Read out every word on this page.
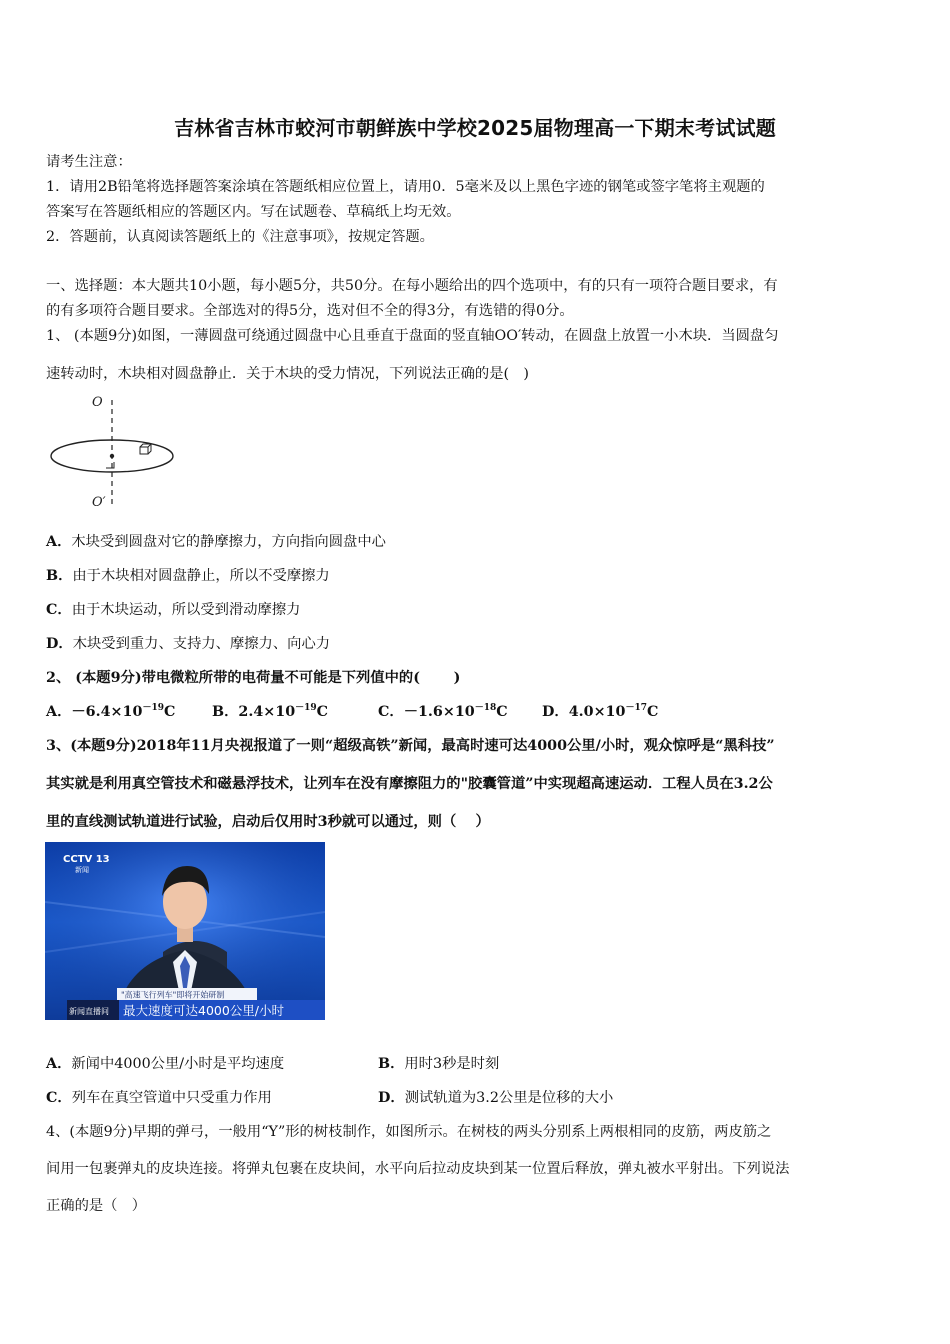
吉林省吉林市蛟河市朝鲜族中学校2025届物理高一下期末考试试题
请考生注意：
1．请用2B铅笔将选择题答案涂填在答题纸相应位置上，请用0．5毫米及以上黑色字迹的钢笔或签字笔将主观题的
答案写在答题纸相应的答题区内。写在试题卷、草稿纸上均无效。
2．答题前，认真阅读答题纸上的《注意事项》，按规定答题。
一、选择题：本大题共10小题，每小题5分，共50分。在每小题给出的四个选项中，有的只有一项符合题目要求，有
的有多项符合题目要求。全部选对的得5分，选对但不全的得3分，有选错的得0分。
1、 (本题9分)如图，一薄圆盘可绕通过圆盘中心且垂直于盘面的竖直轴OO′转动，在圆盘上放置一小木块．当圆盘匀
速转动时，木块相对圆盘静止．关于木块的受力情况，下列说法正确的是(　)
O
O′
A．木块受到圆盘对它的静摩擦力，方向指向圆盘中心
B．由于木块相对圆盘静止，所以不受摩擦力
C．由于木块运动，所以受到滑动摩擦力
D．木块受到重力、支持力、摩擦力、向心力
2、 (本题9分)带电微粒所带的电荷量不可能是下列值中的(　　 )
A．$-6.4\times 10^{-19}C$	B．$2.4\times 10^{-19}C$	C．$-1.6\times 10^{-18}C$ D．$4.0\times 10^{-17}C$
3、(本题9分)2018年11月央视报道了一则“超级高铁”新闻，最高时速可达4000公里/小时，观众惊呼是“黑科技”
其实就是利用真空管技术和磁悬浮技术，让列车在没有摩擦阻力的"胶囊管道”中实现超高速运动．工程人员在3.2公
里的直线测试轨道进行试验，启动后仅用时3秒就可以通过，则（　 ）
CCTV 13
新闻
"高速飞行列车"即将开始研制
新闻直播间 最大速度可达4000公里/小时
A．新闻中4000公里/小时是平均速度	B．用时3秒是时刻
C．列车在真空管道中只受重力作用	D．测试轨道为3.2公里是位移的大小
4、(本题9分)早期的弹弓，一般用“Y”形的树枝制作，如图所示。在树枝的两头分别系上两根相同的皮筋，两皮筋之
间用一包裹弹丸的皮块连接。将弹丸包裹在皮块间，水平向后拉动皮块到某一位置后释放，弹丸被水平射出。下列说法
正确的是（　）
